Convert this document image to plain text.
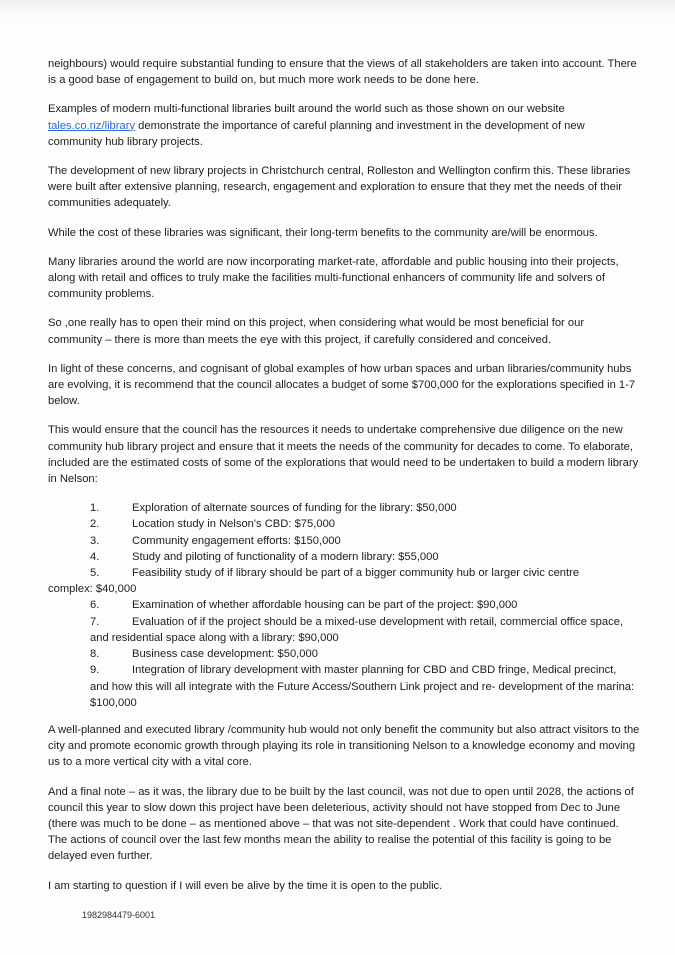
neighbours) would require substantial funding to ensure that the views of all stakeholders are taken into account. There is a good base of engagement to build on, but much more work needs to be done here.

Examples of modern multi-functional libraries built around the world such as those shown on our website tales.co.nz/library demonstrate the importance of careful planning and investment in the development of new community hub library projects.

The development of new library projects in Christchurch central, Rolleston and Wellington confirm this. These libraries were built after extensive planning, research, engagement and exploration to ensure that they met the needs of their communities adequately.

While the cost of these libraries was significant, their long-term benefits to the community are/will be enormous.

Many libraries around the world are now incorporating market-rate, affordable and public housing into their projects, along with retail and offices to truly make the facilities multi-functional enhancers of community life and solvers of community problems.

So ,one really has to open their mind on this project, when considering what would be most beneficial for our community – there is more than meets the eye with this project, if carefully considered and conceived.

In light of these concerns, and cognisant of global examples of how urban spaces and urban libraries/community hubs are evolving, it is recommend that the council allocates a budget of some $700,000 for the explorations specified in 1-7 below.

This would ensure that the council has the resources it needs to undertake comprehensive due diligence on the new community hub library project and ensure that it meets the needs of the community for decades to come. To elaborate, included are the estimated costs of some of the explorations that would need to be undertaken to build a modern library in Nelson:

1.	Exploration of alternate sources of funding for the library: $50,000
2.	Location study in Nelson's CBD: $75,000
3.	Community engagement efforts: $150,000
4.	Study and piloting of functionality of a modern library: $55,000
5.	Feasibility study of if library should be part of a bigger community hub or larger civic centre
complex: $40,000
6.	Examination of whether affordable housing can be part of the project: $90,000
7.	Evaluation of if the project should be a mixed-use development with retail, commercial office space,
and residential space along with a library: $90,000
8.	Business case development: $50,000
9.	Integration of library development with master planning for CBD and CBD fringe, Medical precinct,
and how this will all integrate with the Future Access/Southern Link project and re- development of the marina: $100,000

A well-planned and executed library /community hub would not only benefit the community but also attract visitors to the city and promote economic growth through playing its role in transitioning Nelson to a knowledge economy and moving us to a more vertical city with a vital core.

And a final note – as it was, the library due to be built by the last council, was not due to open until 2028, the actions of council this year to slow down this project have been deleterious, activity should not have stopped from Dec to June (there was much to be done – as mentioned above – that was not site-dependent . Work that could have continued. The actions of council over the last few months mean the ability to realise the potential of this facility is going to be delayed even further.

I am starting to question if I will even be alive by the time it is open to the public.

1982984479-6001
